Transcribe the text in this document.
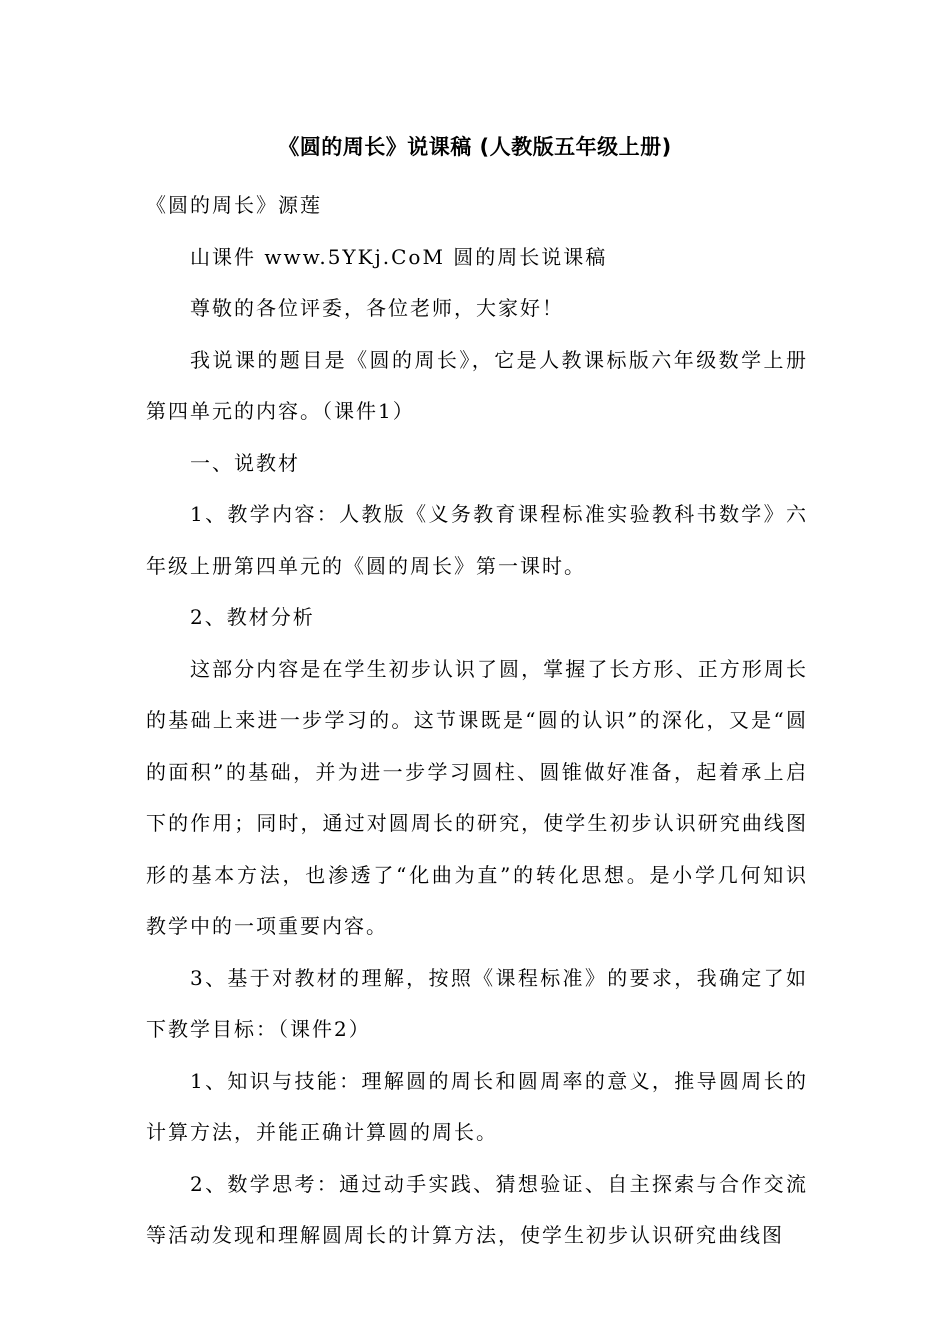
《圆的周长》说课稿 (人教版五年级上册)

《圆的周长》源莲

山课件 www.5YKj.CoM 圆的周长说课稿

尊敬的各位评委，各位老师，大家好！

我说课的题目是《圆的周长》，它是人教课标版六年级数学上册第四单元的内容。（课件1）

一、说教材

1、教学内容：人教版《义务教育课程标准实验教科书数学》六年级上册第四单元的《圆的周长》第一课时。

2、教材分析

这部分内容是在学生初步认识了圆，掌握了长方形、正方形周长的基础上来进一步学习的。这节课既是“圆的认识”的深化，又是“圆的面积”的基础，并为进一步学习圆柱、圆锥做好准备，起着承上启下的作用；同时，通过对圆周长的研究，使学生初步认识研究曲线图形的基本方法，也渗透了“化曲为直”的转化思想。是小学几何知识教学中的一项重要内容。

3、基于对教材的理解，按照《课程标准》的要求，我确定了如下教学目标：（课件2）

1、知识与技能：理解圆的周长和圆周率的意义，推导圆周长的计算方法，并能正确计算圆的周长。

2、数学思考：通过动手实践、猜想验证、自主探索与合作交流等活动发现和理解圆周长的计算方法，使学生初步认识研究曲线图
